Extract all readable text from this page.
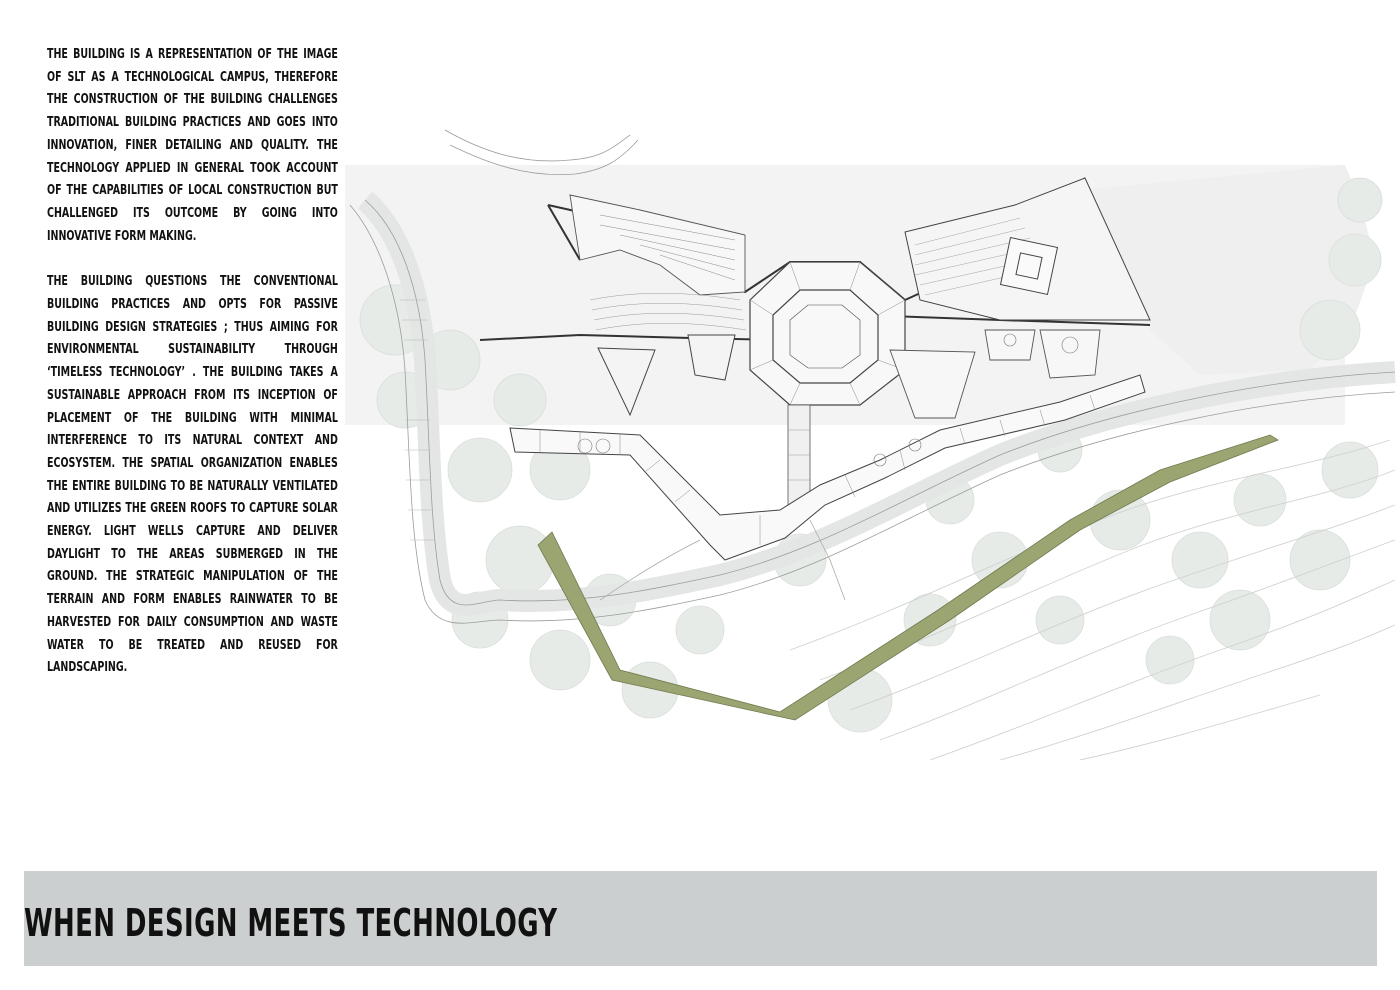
THE BUILDING IS A REPRESENTATION OF THE IMAGE OF SLT AS A TECHNOLOGICAL CAMPUS, THEREFORE THE CONSTRUCTION OF THE BUILDING CHALLENGES TRADITIONAL BUILDING PRACTICES AND GOES INTO INNOVATION, FINER DETAILING AND QUALITY. THE TECHNOLOGY APPLIED IN GENERAL TOOK ACCOUNT OF THE CAPABILITIES OF LOCAL CONSTRUCTION BUT CHALLENGED ITS OUTCOME BY GOING INTO INNOVATIVE FORM MAKING.

THE BUILDING QUESTIONS THE CONVENTIONAL BUILDING PRACTICES AND OPTS FOR PASSIVE BUILDING DESIGN STRATEGIES ; THUS AIMING FOR ENVIRONMENTAL SUSTAINABILITY THROUGH ‘TIMELESS TECHNOLOGY’ . THE BUILDING TAKES A SUSTAINABLE APPROACH FROM ITS INCEPTION OF PLACEMENT OF THE BUILDING WITH MINIMAL INTERFERENCE TO ITS NATURAL CONTEXT AND ECOSYSTEM. THE SPATIAL ORGANIZATION ENABLES THE ENTIRE BUILDING TO BE NATURALLY VENTILATED AND UTILIZES THE GREEN ROOFS TO CAPTURE SOLAR ENERGY. LIGHT WELLS CAPTURE AND DELIVER DAYLIGHT TO THE AREAS SUBMERGED IN THE GROUND. THE STRATEGIC MANIPULATION OF THE TERRAIN AND FORM ENABLES RAINWATER TO BE HARVESTED FOR DAILY CONSUMPTION AND WASTE WATER TO BE TREATED AND REUSED FOR LANDSCAPING.

WHEN DESIGN MEETS TECHNOLOGY
